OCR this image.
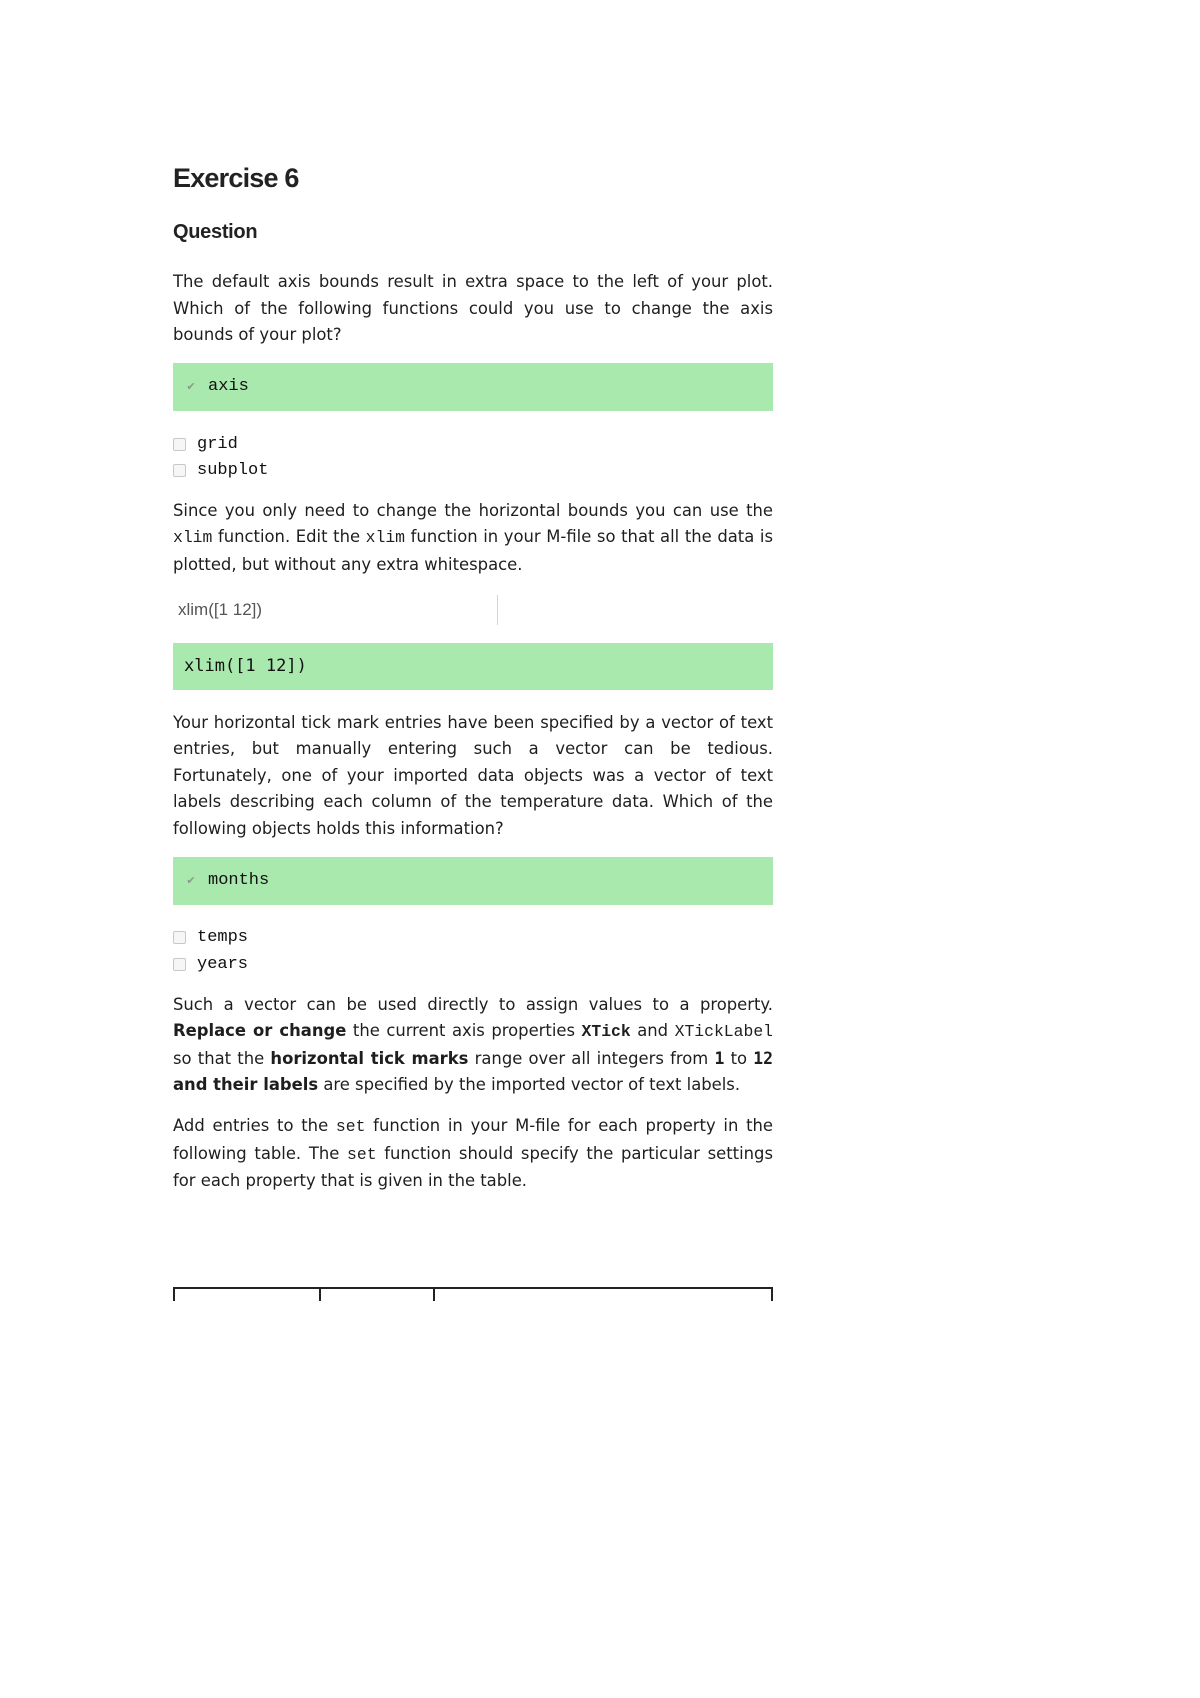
Exercise 6
Question

The default axis bounds result in extra space to the left of your plot. Which of the following functions could you use to change the axis bounds of your plot?

✔ axis
grid
subplot

Since you only need to change the horizontal bounds you can use the xlim function. Edit the xlim function in your M-file so that all the data is plotted, but without any extra whitespace.

xlim([1 12])
xlim([1 12])

Your horizontal tick mark entries have been specified by a vector of text entries, but manually entering such a vector can be tedious. Fortunately, one of your imported data objects was a vector of text labels describing each column of the temperature data. Which of the following objects holds this information?

✔ months
temps
years

Such a vector can be used directly to assign values to a property. Replace or change the current axis properties XTick and XTickLabel so that the horizontal tick marks range over all integers from 1 to 12 and their labels are specified by the imported vector of text labels.

Add entries to the set function in your M-file for each property in the following table. The set function should specify the particular settings for each property that is given in the table.
